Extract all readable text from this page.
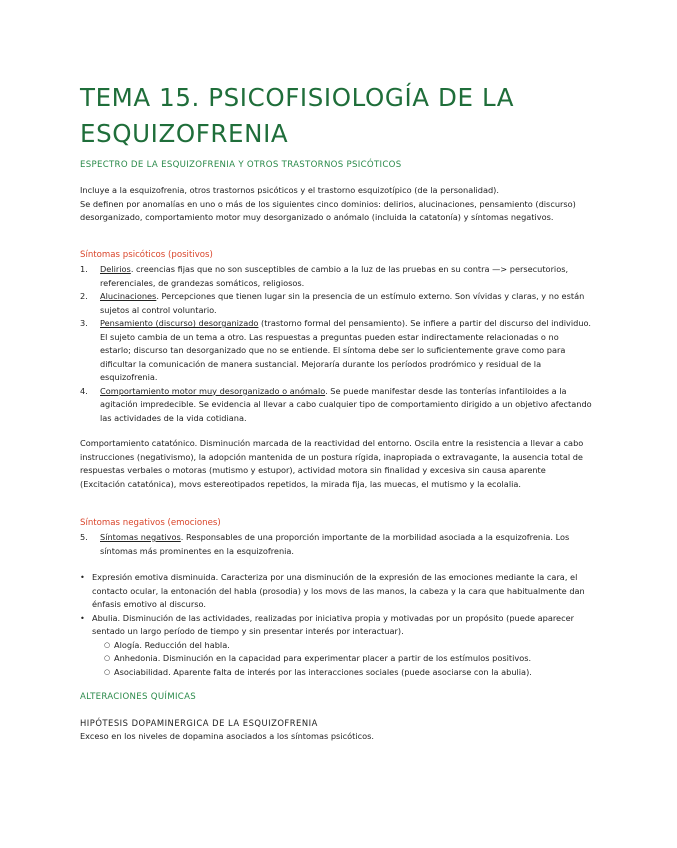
TEMA 15. PSICOFISIOLOGÍA DE LA ESQUIZOFRENIA

ESPECTRO DE LA ESQUIZOFRENIA Y OTROS TRASTORNOS PSICÓTICOS

Incluye a la esquizofrenia, otros trastornos psicóticos y el trastorno esquizotípico (de la personalidad).
Se definen por anomalías en uno o más de los siguientes cinco dominios: delirios, alucinaciones, pensamiento (discurso) desorganizado, comportamiento motor muy desorganizado o anómalo (incluida la catatonía) y síntomas negativos.

Síntomas psicóticos (positivos)

1. Delirios. creencias fijas que no son susceptibles de cambio a la luz de las pruebas en su contra —> persecutorios, referenciales, de grandezas somáticos, religiosos.
2. Alucinaciones. Percepciones que tienen lugar sin la presencia de un estímulo externo. Son vívidas y claras, y no están sujetos al control voluntario.
3. Pensamiento (discurso) desorganizado (trastorno formal del pensamiento). Se infiere a partir del discurso del individuo. El sujeto cambia de un tema a otro. Las respuestas a preguntas pueden estar indirectamente relacionadas o no estarlo; discurso tan desorganizado que no se entiende. El síntoma debe ser lo suficientemente grave como para dificultar la comunicación de manera sustancial. Mejoraría durante los períodos prodrómico y residual de la esquizofrenia.
4. Comportamiento motor muy desorganizado o anómalo. Se puede manifestar desde las tonterías infantiloides a la agitación impredecible. Se evidencia al llevar a cabo cualquier tipo de comportamiento dirigido a un objetivo afectando las actividades de la vida cotidiana.

Comportamiento catatónico. Disminución marcada de la reactividad del entorno. Oscila entre la resistencia a llevar a cabo instrucciones (negativismo), la adopción mantenida de un postura rígida, inapropiada o extravagante, la ausencia total de respuestas verbales o motoras (mutismo y estupor), actividad motora sin finalidad y excesiva sin causa aparente (Excitación catatónica), movs estereotipados repetidos, la mirada fija, las muecas, el mutismo y la ecolalia.

Síntomas negativos (emociones)

5. Síntomas negativos. Responsables de una proporción importante de la morbilidad asociada a la esquizofrenia. Los síntomas más prominentes en la esquizofrenia.
• Expresión emotiva disminuida. Caracteriza por una disminución de la expresión de las emociones mediante la cara, el contacto ocular, la entonación del habla (prosodia) y los movs de las manos, la cabeza y la cara que habitualmente dan énfasis emotivo al discurso.
• Abulia. Disminución de las actividades, realizadas por iniciativa propia y motivadas por un propósito (puede aparecer sentado un largo período de tiempo y sin presentar interés por interactuar).
○ Alogía. Reducción del habla.
○ Anhedonia. Disminución en la capacidad para experimentar placer a partir de los estímulos positivos.
○ Asociabilidad. Aparente falta de interés por las interacciones sociales (puede asociarse con la abulia).

ALTERACIONES QUÍMICAS

HIPÓTESIS DOPAMINERGICA DE LA ESQUIZOFRENIA

Exceso en los niveles de dopamina asociados a los síntomas psicóticos.
